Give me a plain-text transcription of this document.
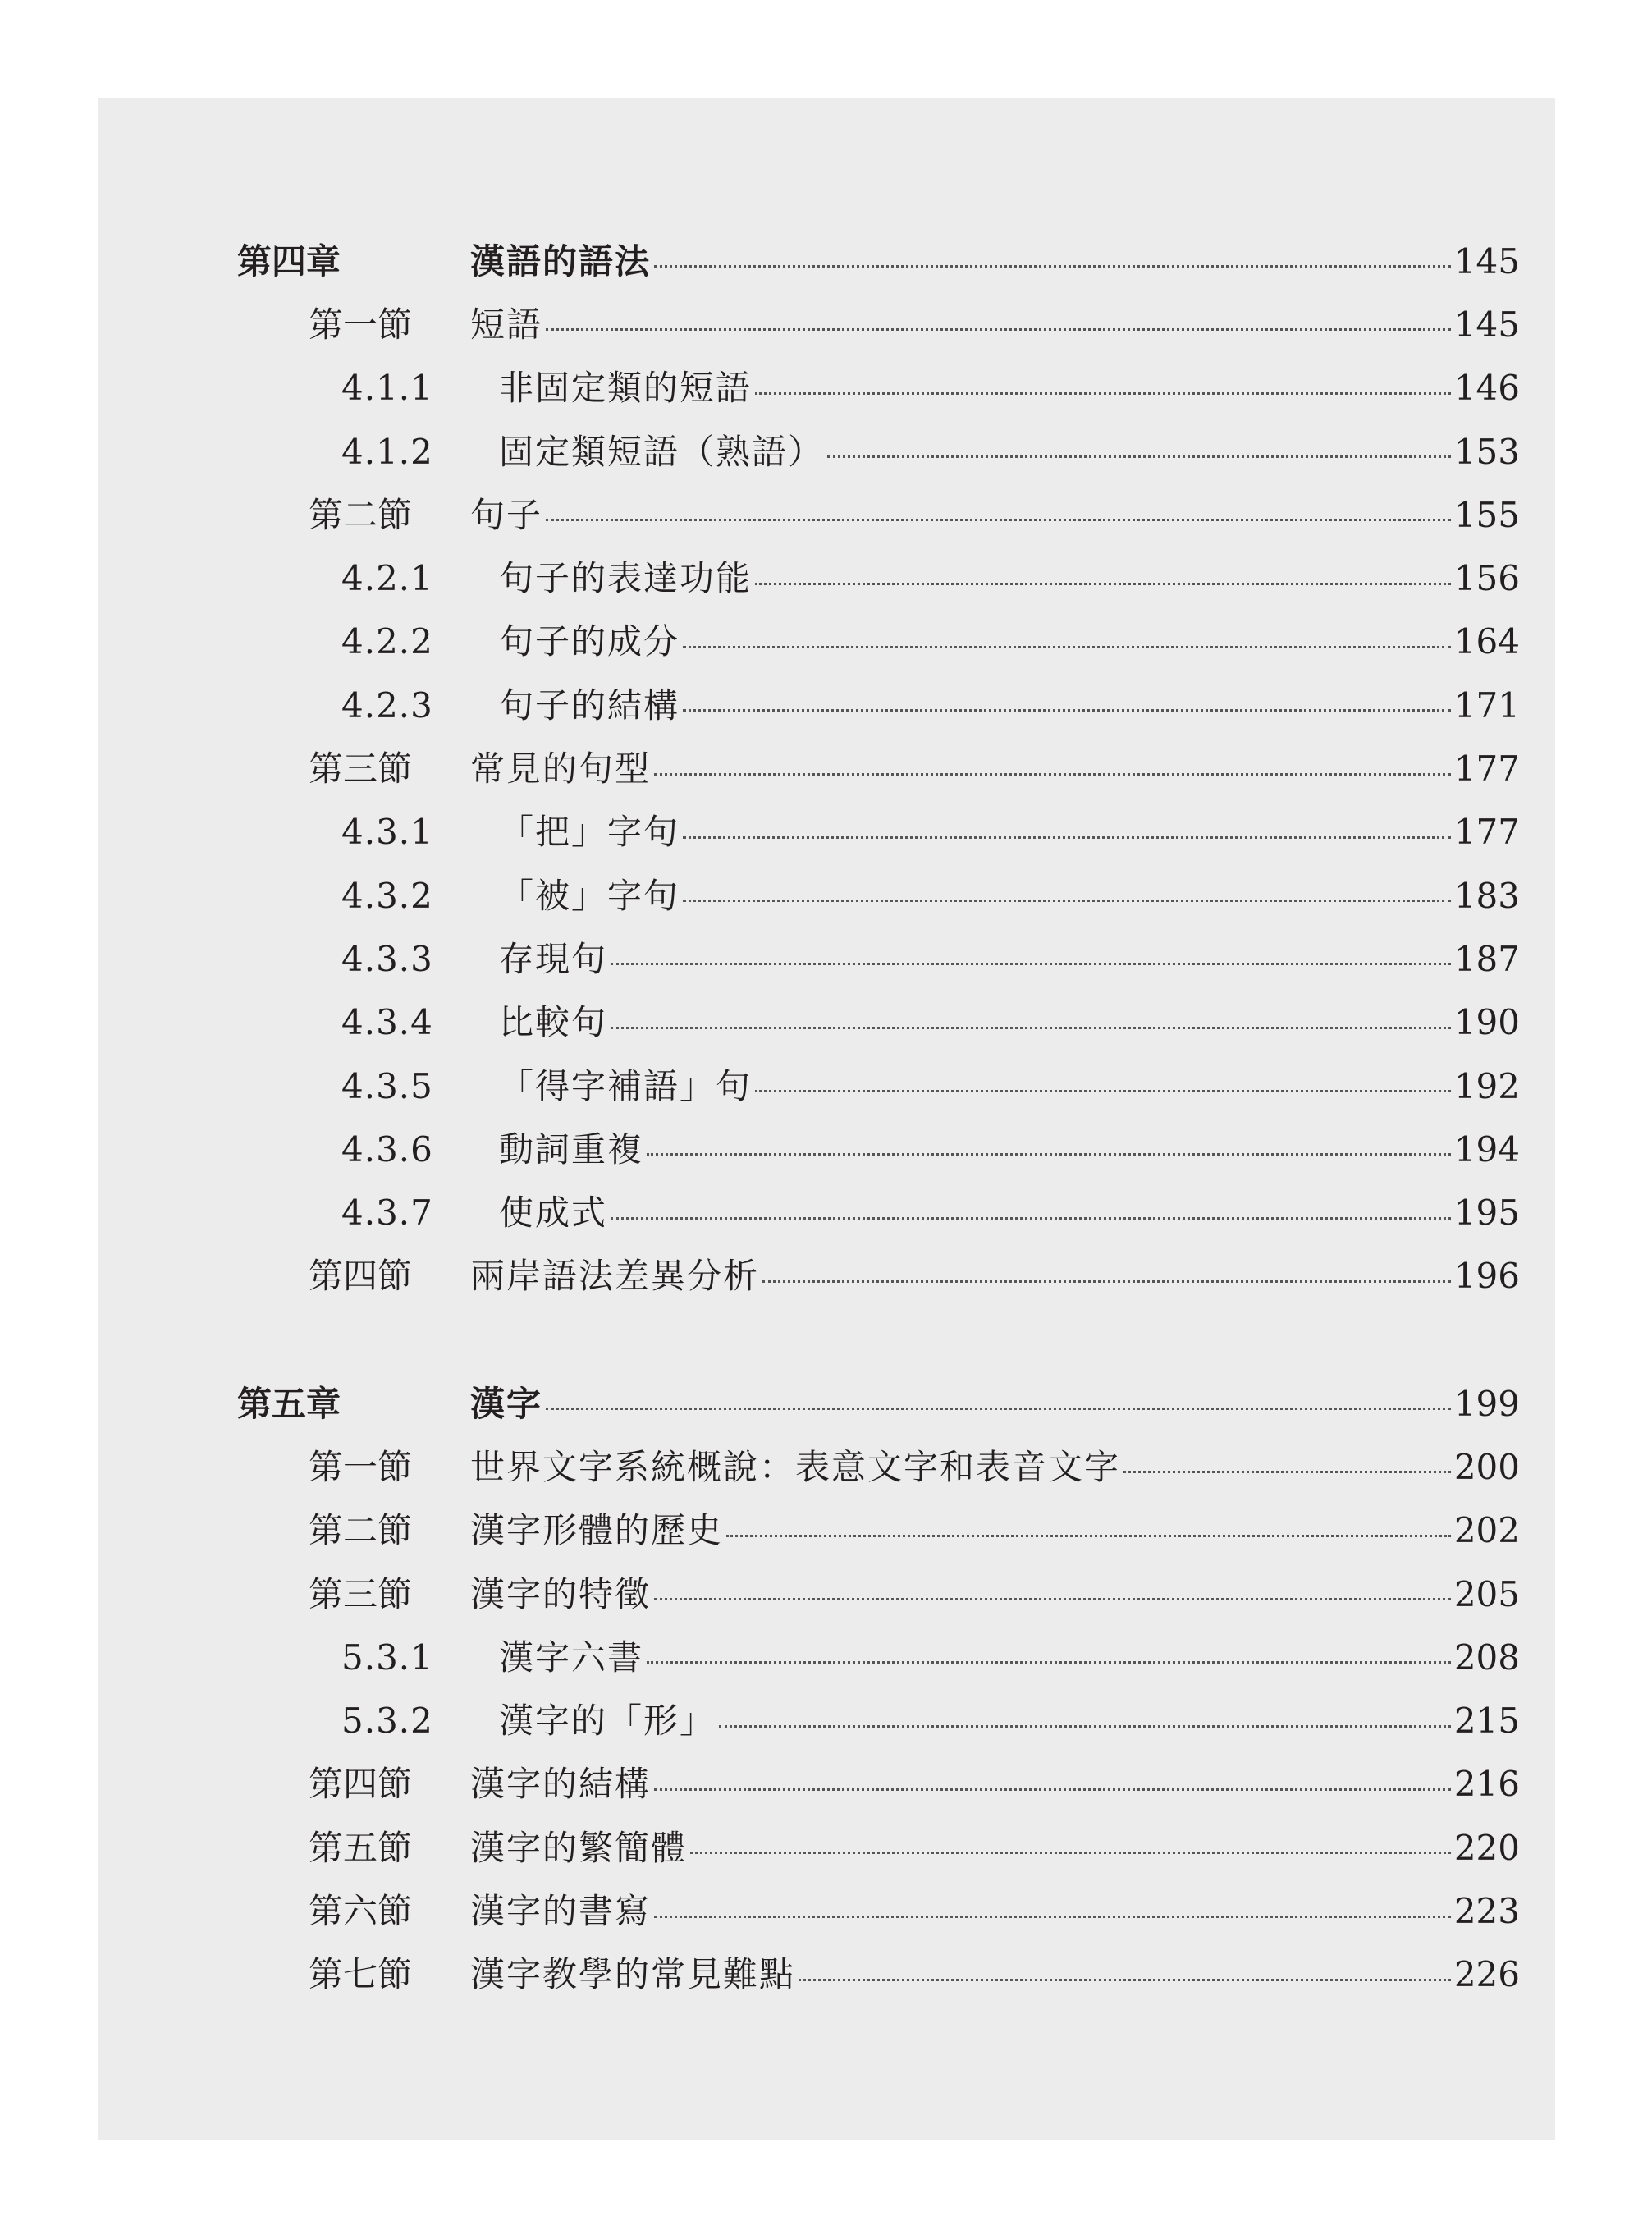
第四章	漢語的語法	145
第一節	短語	145
4.1.1	非固定類的短語	146
4.1.2	固定類短語（熟語）	153
第二節	句子	155
4.2.1	句子的表達功能	156
4.2.2	句子的成分	164
4.2.3	句子的結構	171
第三節	常見的句型	177
4.3.1	「把」字句	177
4.3.2	「被」字句	183
4.3.3	存現句	187
4.3.4	比較句	190
4.3.5	「得字補語」句	192
4.3.6	動詞重複	194
4.3.7	使成式	195
第四節	兩岸語法差異分析	196
第五章	漢字	199
第一節	世界文字系統概說：表意文字和表音文字	200
第二節	漢字形體的歷史	202
第三節	漢字的特徵	205
5.3.1	漢字六書	208
5.3.2	漢字的「形」	215
第四節	漢字的結構	216
第五節	漢字的繁簡體	220
第六節	漢字的書寫	223
第七節	漢字教學的常見難點	226
